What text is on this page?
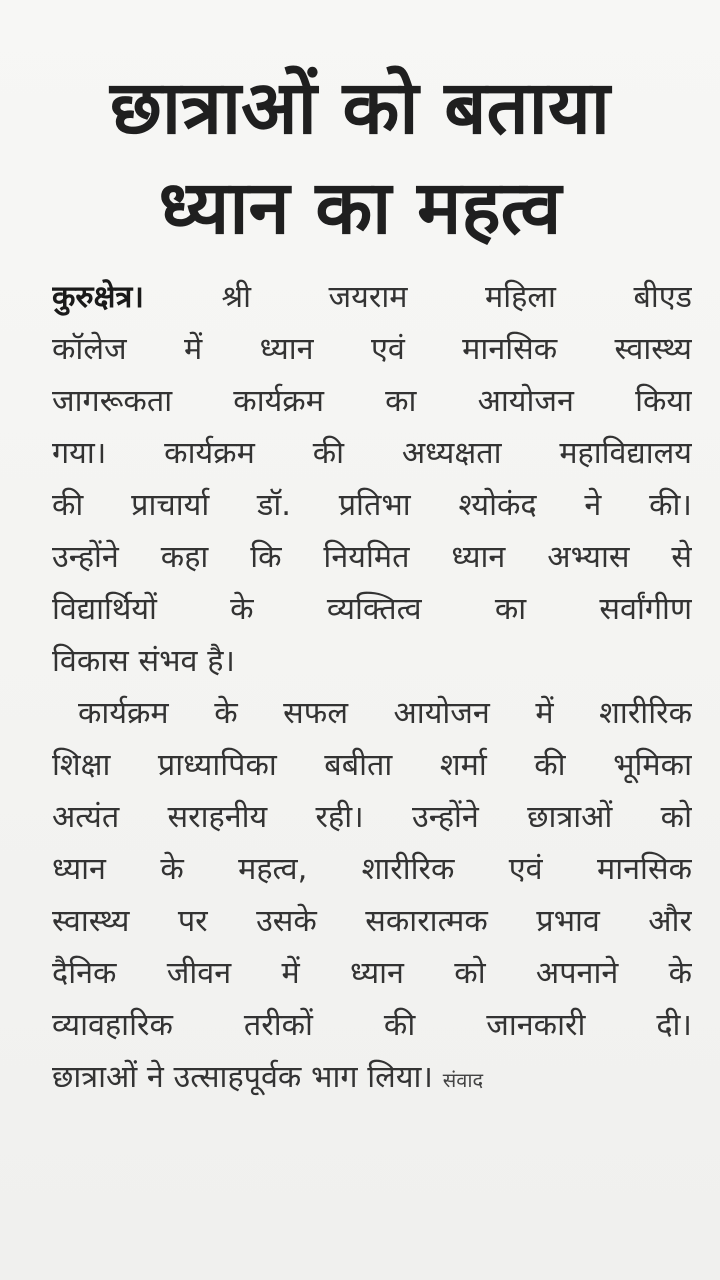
छात्राओं को बताया
ध्यान का महत्व
कुरुक्षेत्र। श्री जयराम महिला बीएड
कॉलेज में ध्यान एवं मानसिक स्वास्थ्य
जागरूकता कार्यक्रम का आयोजन किया
गया। कार्यक्रम की अध्यक्षता महाविद्यालय
की प्राचार्या डॉ. प्रतिभा श्योकंद ने की।
उन्होंने कहा कि नियमित ध्यान अभ्यास से
विद्यार्थियों के व्यक्तित्व का सर्वांगीण
विकास संभव है।
कार्यक्रम के सफल आयोजन में शारीरिक
शिक्षा प्राध्यापिका बबीता शर्मा की भूमिका
अत्यंत सराहनीय रही। उन्होंने छात्राओं को
ध्यान के महत्व, शारीरिक एवं मानसिक
स्वास्थ्य पर उसके सकारात्मक प्रभाव और
दैनिक जीवन में ध्यान को अपनाने के
व्यावहारिक तरीकों की जानकारी दी।
छात्राओं ने उत्साहपूर्वक भाग लिया। संवाद
